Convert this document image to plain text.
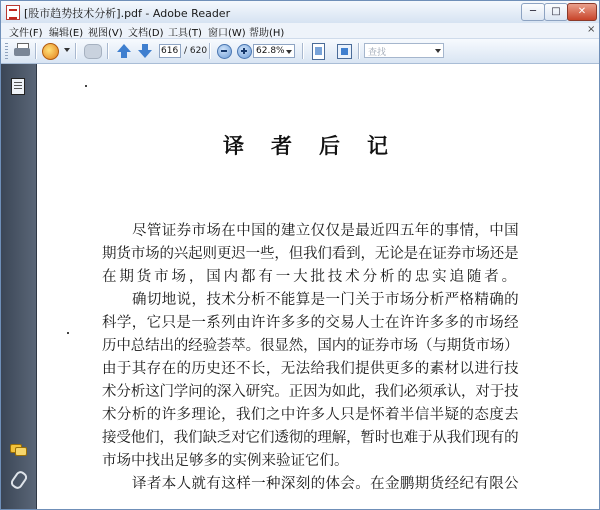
[股市趋势技术分析].pdf - Adobe Reader	─	□	✕
文件(F) 编辑(E) 视图(V) 文档(D) 工具(T) 窗口(W) 帮助(H)	×
616
/ 620	62.8%	查找
译者后记
尽管证券市场在中国的建立仅仅是最近四五年的事情，中国
期货市场的兴起则更迟一些，但我们看到，无论是在证券市场还是
在期货市场，国内都有一大批技术分析的忠实追随者。
确切地说，技术分析不能算是一门关于市场分析严格精确的
科学，它只是一系列由许许多多的交易人士在许许多多的市场经
历中总结出的经验荟萃。很显然，国内的证券市场（与期货市场）
由于其存在的历史还不长，无法给我们提供更多的素材以进行技
术分析这门学问的深入研究。正因为如此，我们必须承认，对于技
术分析的许多理论，我们之中许多人只是怀着半信半疑的态度去
接受他们，我们缺乏对它们透彻的理解，暂时也难于从我们现有的
市场中找出足够多的实例来验证它们。
译者本人就有这样一种深刻的体会。在金鹏期货经纪有限公
